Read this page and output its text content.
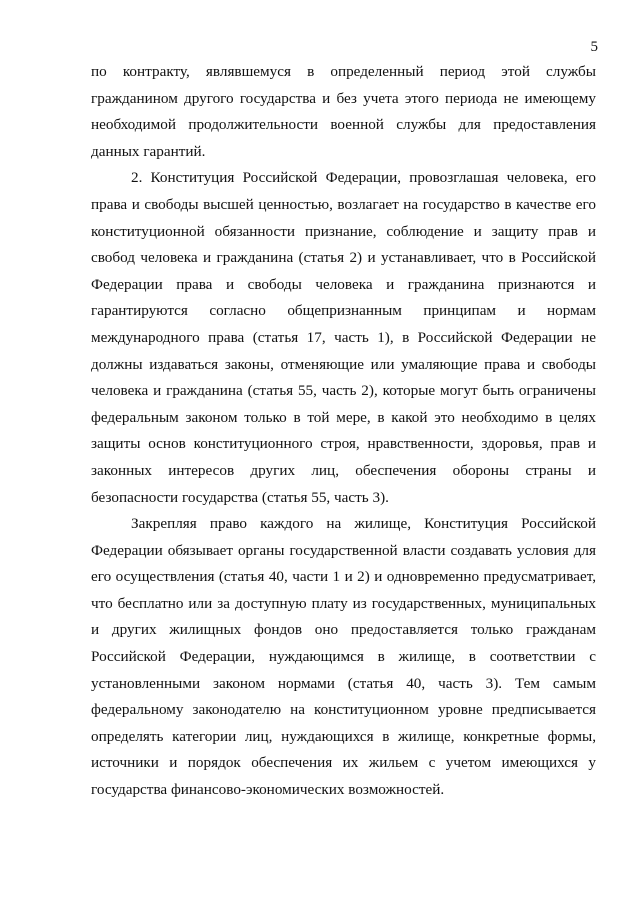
5

по контракту, являвшемуся в определенный период этой службы гражданином другого государства и без учета этого периода не имеющему необходимой продолжительности военной службы для предоставления данных гарантий.

2. Конституция Российской Федерации, провозглашая человека, его права и свободы высшей ценностью, возлагает на государство в качестве его конституционной обязанности признание, соблюдение и защиту прав и свобод человека и гражданина (статья 2) и устанавливает, что в Российской Федерации права и свободы человека и гражданина признаются и гарантируются согласно общепризнанным принципам и нормам международного права (статья 17, часть 1), в Российской Федерации не должны издаваться законы, отменяющие или умаляющие права и свободы человека и гражданина (статья 55, часть 2), которые могут быть ограничены федеральным законом только в той мере, в какой это необходимо в целях защиты основ конституционного строя, нравственности, здоровья, прав и законных интересов других лиц, обеспечения обороны страны и безопасности государства (статья 55, часть 3).

Закрепляя право каждого на жилище, Конституция Российской Федерации обязывает органы государственной власти создавать условия для его осуществления (статья 40, части 1 и 2) и одновременно предусматривает, что бесплатно или за доступную плату из государственных, муниципальных и других жилищных фондов оно предоставляется только гражданам Российской Федерации, нуждающимся в жилище, в соответствии с установленными законом нормами (статья 40, часть 3). Тем самым федеральному законодателю на конституционном уровне предписывается определять категории лиц, нуждающихся в жилище, конкретные формы, источники и порядок обеспечения их жильем с учетом имеющихся у государства финансово-экономических возможностей.
